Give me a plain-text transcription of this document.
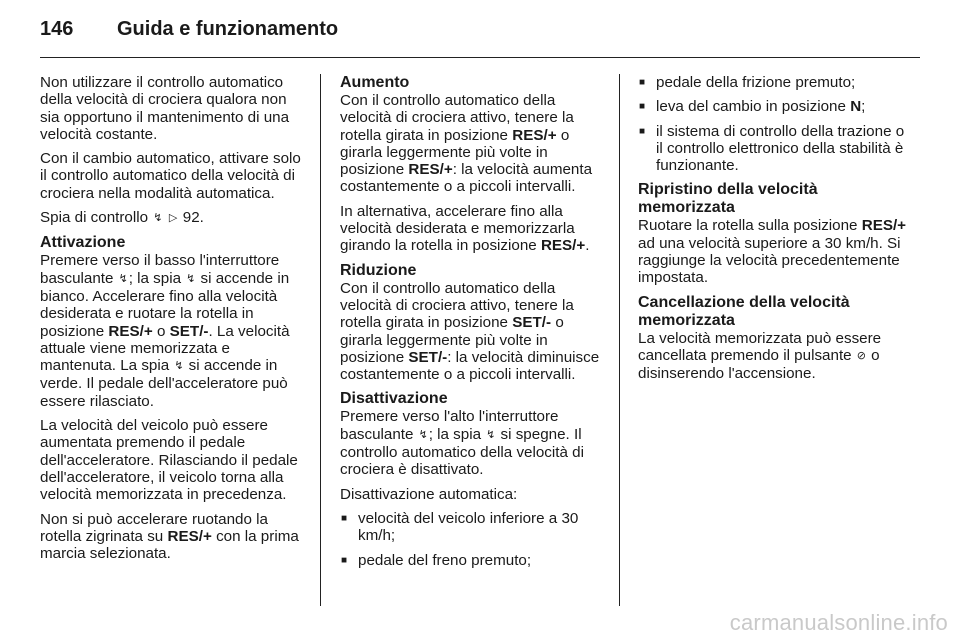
146 Guida e funzionamento

Non utilizzare il controllo automatico della velocità di crociera qualora non sia opportuno il mantenimento di una velocità costante.

Con il cambio automatico, attivare solo il controllo automatico della velocità di crociera nella modalità automatica.

Spia di controllo ↯ ▷ 92.

Attivazione
Premere verso il basso l'interruttore basculante ↯; la spia ↯ si accende in bianco. Accelerare fino alla velocità desiderata e ruotare la rotella in posizione RES/+ o SET/-. La velocità attuale viene memorizzata e mantenuta. La spia ↯ si accende in verde. Il pedale dell'acceleratore può essere rilasciato.

La velocità del veicolo può essere aumentata premendo il pedale dell'acceleratore. Rilasciando il pedale dell'acceleratore, il veicolo torna alla velocità memorizzata in precedenza.

Non si può accelerare ruotando la rotella zigrinata su RES/+ con la prima marcia selezionata.

Aumento
Con il controllo automatico della velocità di crociera attivo, tenere la rotella girata in posizione RES/+ o girarla leggermente più volte in posizione RES/+: la velocità aumenta costantemente o a piccoli intervalli.

In alternativa, accelerare fino alla velocità desiderata e memorizzarla girando la rotella in posizione RES/+.

Riduzione
Con il controllo automatico della velocità di crociera attivo, tenere la rotella girata in posizione SET/- o girarla leggermente più volte in posizione SET/-: la velocità diminuisce costantemente o a piccoli intervalli.
Disattivazione
Premere verso l'alto l'interruttore basculante ↯; la spia ↯ si spegne. Il controllo automatico della velocità di crociera è disattivato.

Disattivazione automatica:

■ velocità del veicolo inferiore a 30 km/h;
■ pedale del freno premuto;
■ pedale della frizione premuto;
■ leva del cambio in posizione N;
■ il sistema di controllo della trazione o il controllo elettronico della stabilità è funzionante.
Ripristino della velocità memorizzata
Ruotare la rotella sulla posizione RES/+ ad una velocità superiore a 30 km/h. Si raggiunge la velocità precedentemente impostata.
Cancellazione della velocità memorizzata
La velocità memorizzata può essere cancellata premendo il pulsante ⊘ o disinserendo l'accensione.
carmanualsonline.info
